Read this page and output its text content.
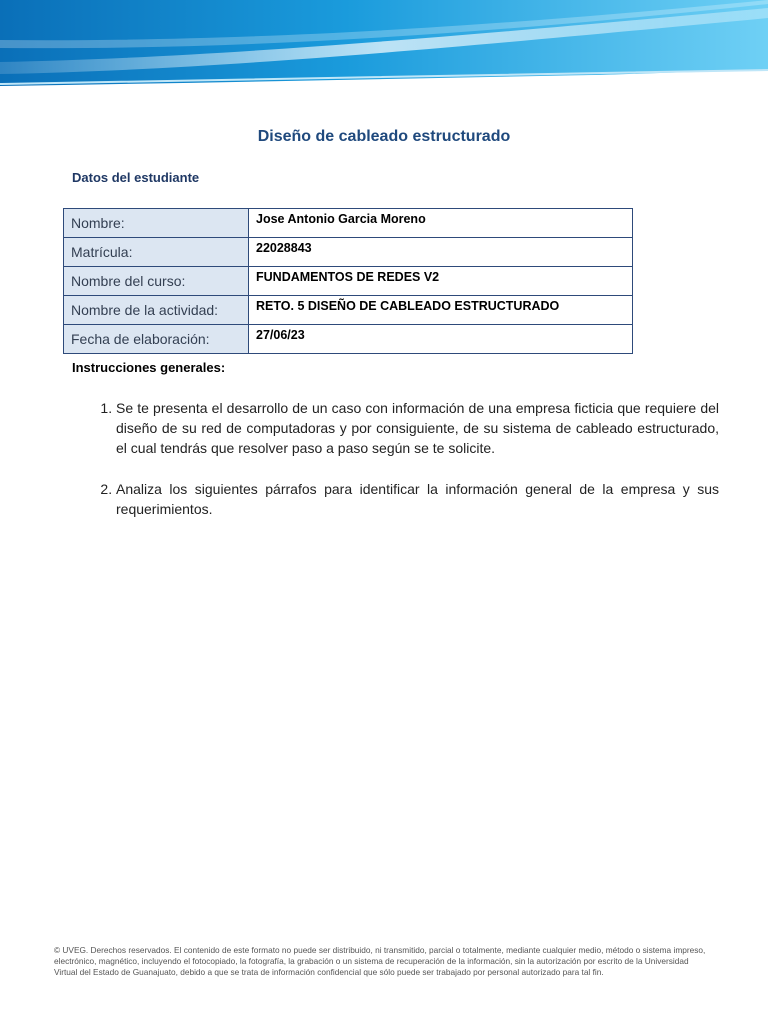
Diseño de cableado estructurado
Datos del estudiante
Nombre:	Jose Antonio Garcia Moreno
Matrícula:	22028843
Nombre del curso:	FUNDAMENTOS DE REDES V2
Nombre de la actividad:	RETO. 5 DISEÑO DE CABLEADO ESTRUCTURADO
Fecha de elaboración:	27/06/23
Instrucciones generales:
1. Se te presenta el desarrollo de un caso con información de una empresa ficticia que requiere del diseño de su red de computadoras y por consiguiente, de su sistema de cableado estructurado, el cual tendrás que resolver paso a paso según se te solicite.
2. Analiza los siguientes párrafos para identificar la información general de la empresa y sus requerimientos.
© UVEG. Derechos reservados. El contenido de este formato no puede ser distribuido, ni transmitido, parcial o totalmente, mediante cualquier medio, método o sistema impreso, electrónico, magnético, incluyendo el fotocopiado, la fotografía, la grabación o un sistema de recuperación de la información, sin la autorización por escrito de la Universidad Virtual del Estado de Guanajuato, debido a que se trata de información confidencial que sólo puede ser trabajado por personal autorizado para tal fin.
